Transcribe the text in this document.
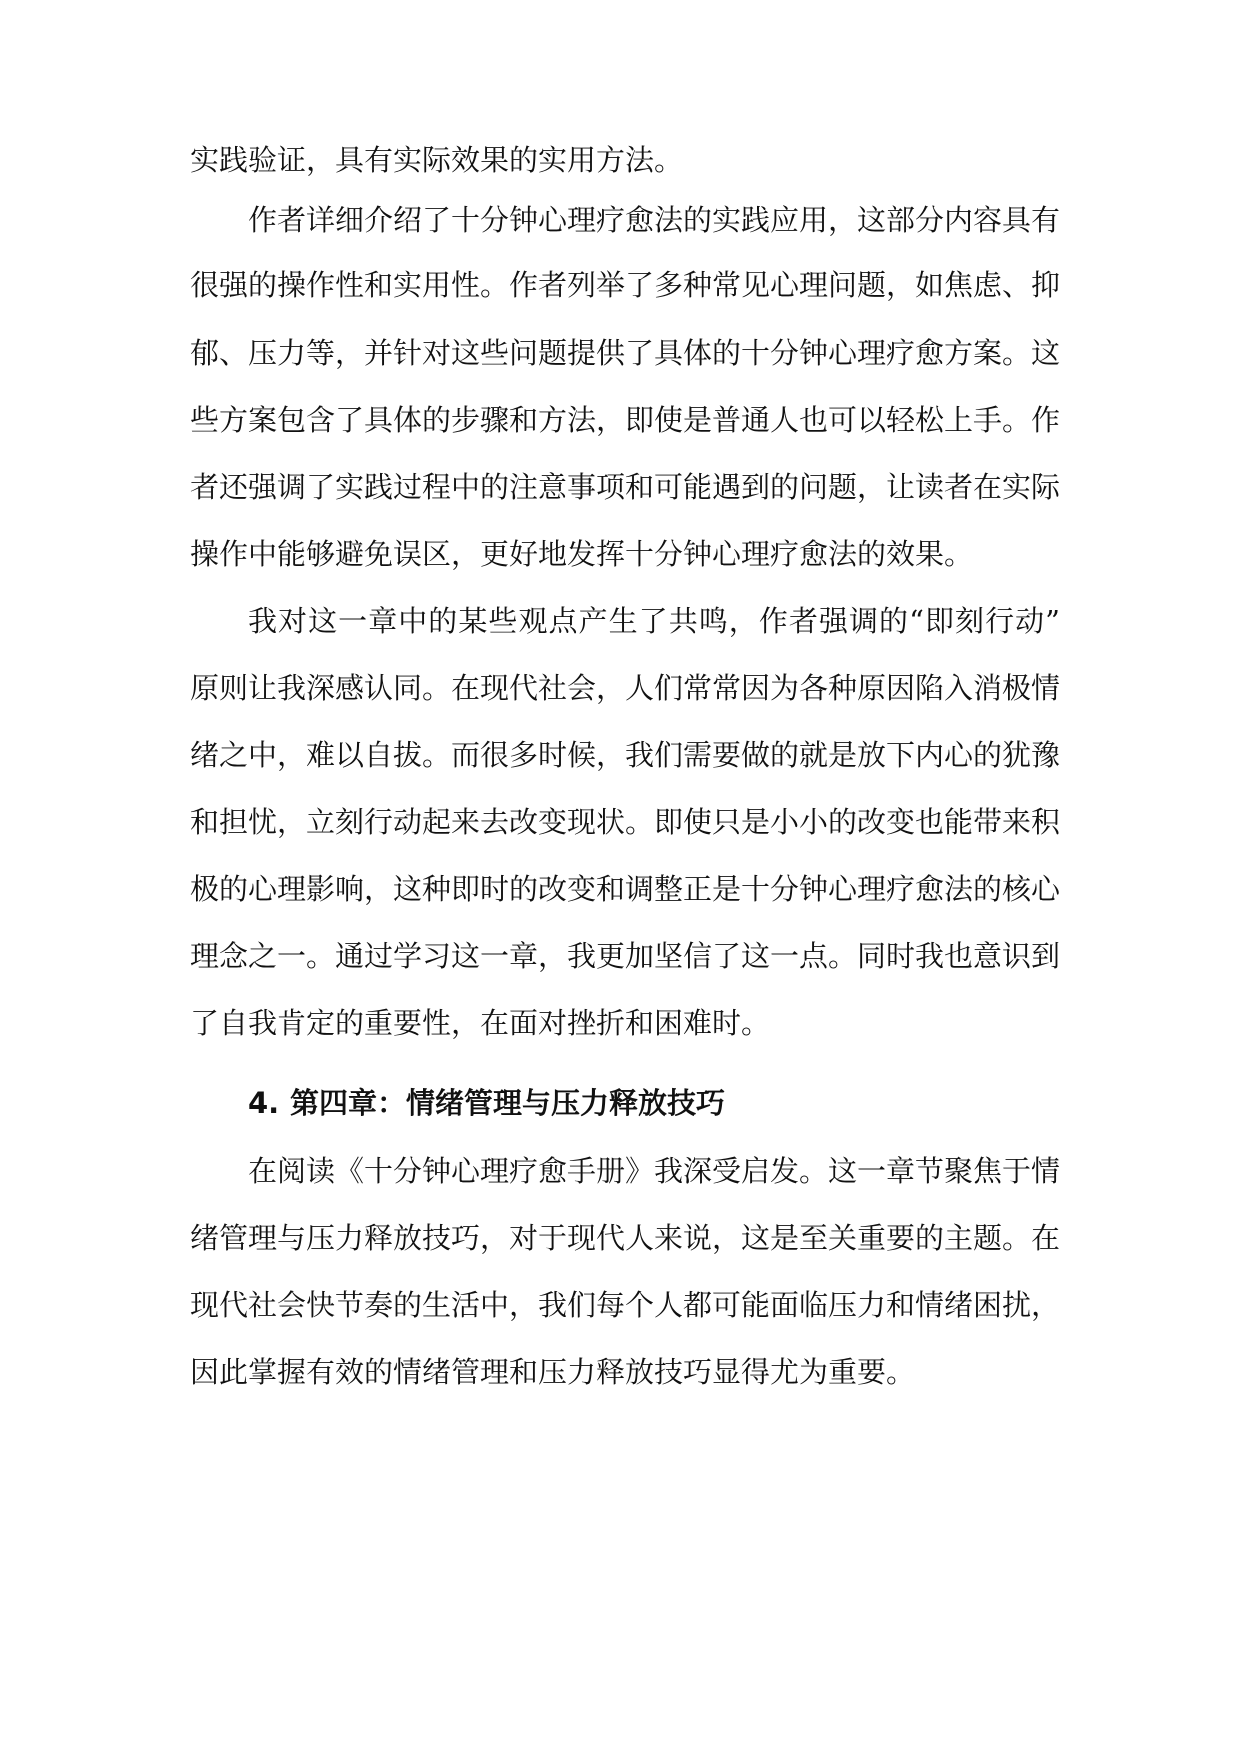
实践验证，具有实际效果的实用方法。
作者详细介绍了十分钟心理疗愈法的实践应用，这部分内容具有
很强的操作性和实用性。作者列举了多种常见心理问题，如焦虑、抑
郁、压力等，并针对这些问题提供了具体的十分钟心理疗愈方案。这
些方案包含了具体的步骤和方法，即使是普通人也可以轻松上手。作
者还强调了实践过程中的注意事项和可能遇到的问题，让读者在实际
操作中能够避免误区，更好地发挥十分钟心理疗愈法的效果。
我对这一章中的某些观点产生了共鸣，作者强调的“即刻行动”
原则让我深感认同。在现代社会，人们常常因为各种原因陷入消极情
绪之中，难以自拔。而很多时候，我们需要做的就是放下内心的犹豫
和担忧，立刻行动起来去改变现状。即使只是小小的改变也能带来积
极的心理影响，这种即时的改变和调整正是十分钟心理疗愈法的核心
理念之一。通过学习这一章，我更加坚信了这一点。同时我也意识到
了自我肯定的重要性，在面对挫折和困难时。
4. 第四章：情绪管理与压力释放技巧
在阅读《十分钟心理疗愈手册》我深受启发。这一章节聚焦于情
绪管理与压力释放技巧，对于现代人来说，这是至关重要的主题。在
现代社会快节奏的生活中，我们每个人都可能面临压力和情绪困扰，
因此掌握有效的情绪管理和压力释放技巧显得尤为重要。
